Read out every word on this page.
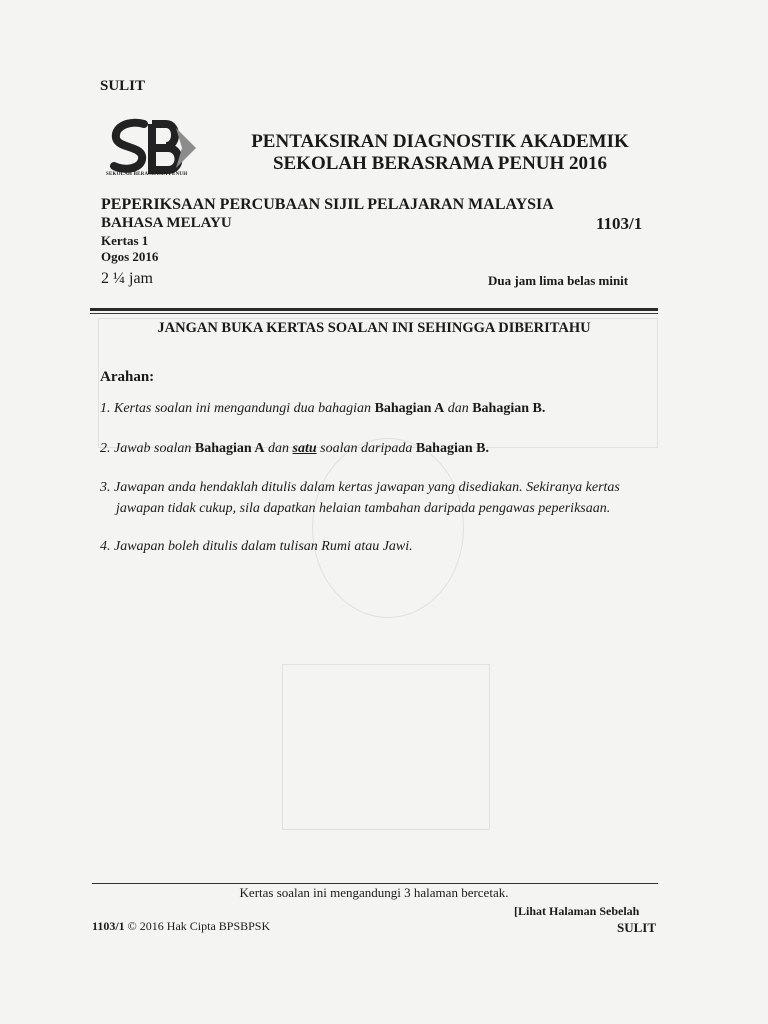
SULIT
SEKOLAH BERASRAMA PENUH
PENTAKSIRAN DIAGNOSTIK AKADEMIK
SEKOLAH BERASRAMA PENUH 2016
PEPERIKSAAN PERCUBAAN SIJIL PELAJARAN MALAYSIA
BAHASA MELAYU	1103/1
Kertas 1
Ogos 2016
2 ¼ jam	Dua jam lima belas minit
JANGAN BUKA KERTAS SOALAN INI SEHINGGA DIBERITAHU
Arahan:
1. Kertas soalan ini mengandungi dua bahagian Bahagian A dan Bahagian B.
2. Jawab soalan Bahagian A dan satu soalan daripada Bahagian B.
3. Jawapan anda hendaklah ditulis dalam kertas jawapan yang disediakan. Sekiranya kertas
jawapan tidak cukup, sila dapatkan helaian tambahan daripada pengawas peperiksaan.
4. Jawapan boleh ditulis dalam tulisan Rumi atau Jawi.
Kertas soalan ini mengandungi 3 halaman bercetak.
[Lihat Halaman Sebelah
1103/1 © 2016 Hak Cipta BPSBPSK	SULIT
